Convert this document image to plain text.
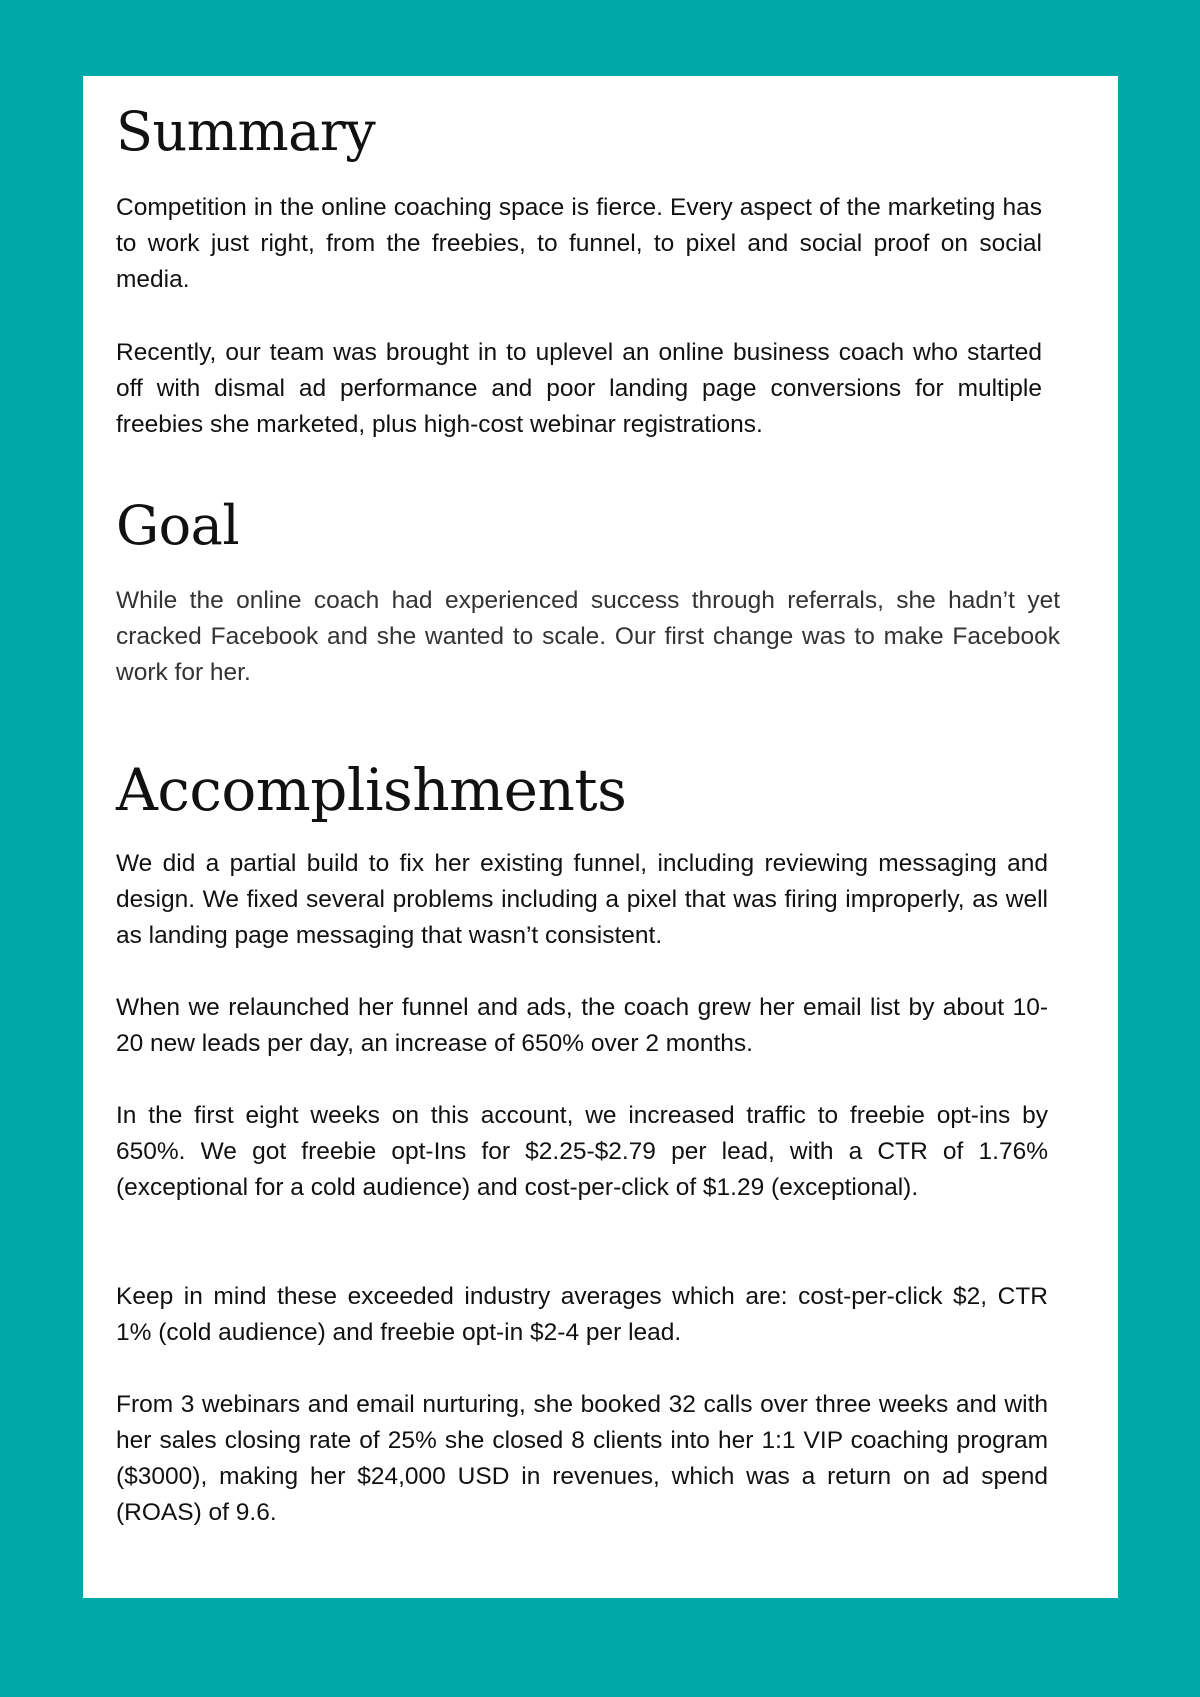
Summary

Competition in the online coaching space is fierce. Every aspect of the marketing has to work just right, from the freebies, to funnel, to pixel and social proof on social media.

Recently, our team was brought in to uplevel an online business coach who started off with dismal ad performance and poor landing page conversions for multiple freebies she marketed, plus high-cost webinar registrations.

Goal

While the online coach had experienced success through referrals, she hadn’t yet cracked Facebook and she wanted to scale. Our first change was to make Facebook work for her.

Accomplishments

We did a partial build to fix her existing funnel, including reviewing messaging and design. We fixed several problems including a pixel that was firing improperly, as well as landing page messaging that wasn’t consistent.

When we relaunched her funnel and ads, the coach grew her email list by about 10-20 new leads per day, an increase of 650% over 2 months.

In the first eight weeks on this account, we increased traffic to freebie opt-ins by 650%. We got freebie opt-Ins for $2.25-$2.79 per lead, with a CTR of 1.76% (exceptional for a cold audience) and cost-per-click of $1.29 (exceptional).

Keep in mind these exceeded industry averages which are: cost-per-click $2, CTR 1% (cold audience) and freebie opt-in $2-4 per lead.

From 3 webinars and email nurturing, she booked 32 calls over three weeks and with her sales closing rate of 25% she closed 8 clients into her 1:1 VIP coaching program ($3000), making her $24,000 USD in revenues, which was a return on ad spend (ROAS) of 9.6.
